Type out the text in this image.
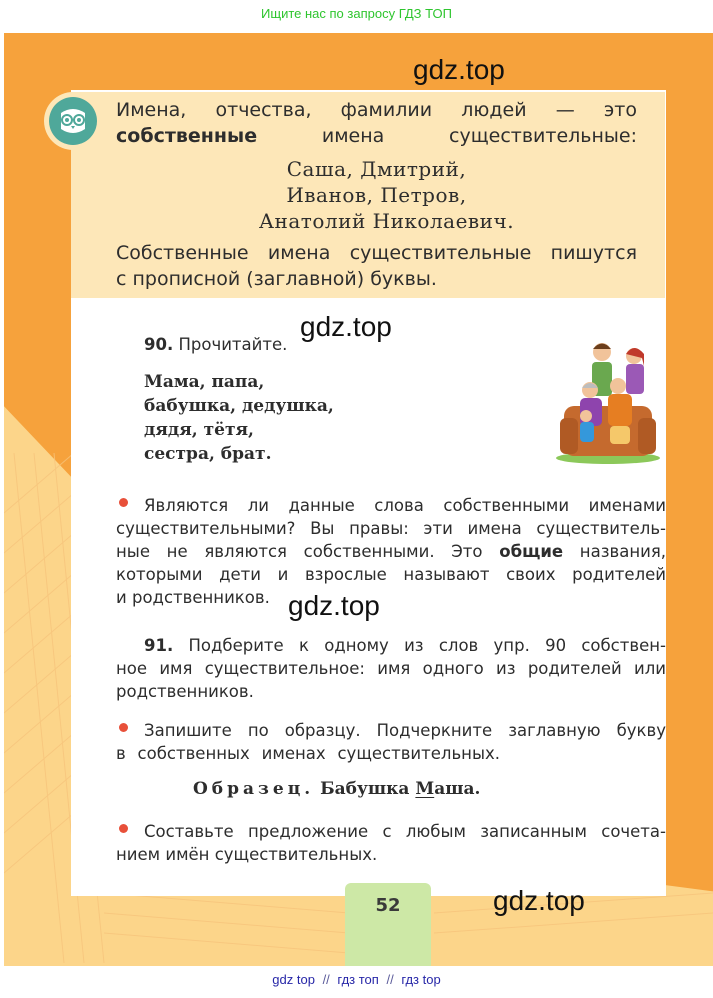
Ищите нас по запросу ГДЗ ТОП
Имена, отчества, фамилии людей — это
собственные имена существительные:
Саша, Дмитрий,
Иванов, Петров,
Анатолий Николаевич.
Собственные имена существительные пишутся
с прописной (заглавной) буквы.
gdz.top
gdz.top
gdz.top
gdz.top
90. Прочитайте.
Мама, папа,
бабушка, дедушка,
дядя, тётя,
сестра, брат.
Являются ли данные слова собственными именами
существительными? Вы правы: эти имена существитель-
ные не являются собственными. Это общие названия,
которыми дети и взрослые называют своих родителей
и родственников.
91. Подберите к одному из слов упр. 90 собствен-
ное имя существительное: имя одного из родителей или
родственников.
Запишите по образцу. Подчеркните заглавную букву
в собственных именах существительных.
Образец. Бабушка Маша.
Составьте предложение с любым записанным сочета-
нием имён существительных.
52
gdz top // гдз топ // гдз top
